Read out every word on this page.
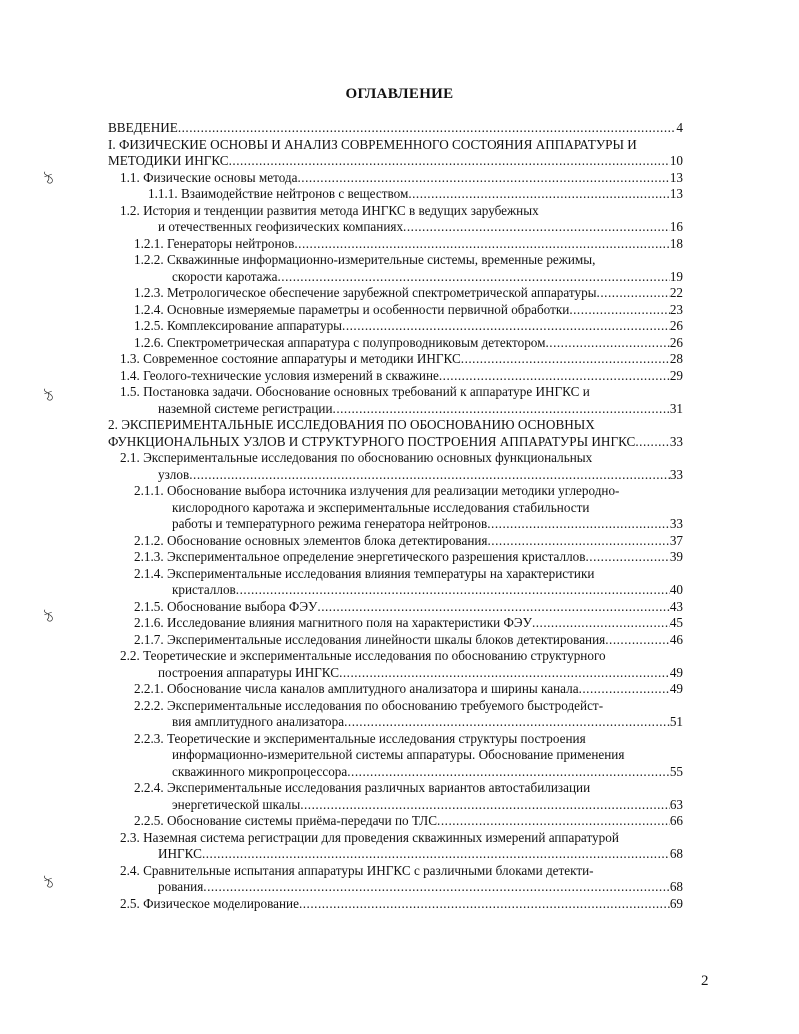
ОГЛАВЛЕНИЕ
ВВЕДЕНИЕ .....	4
I. ФИЗИЧЕСКИЕ ОСНОВЫ И АНАЛИЗ СОВРЕМЕННОГО СОСТОЯНИЯ АППАРАТУРЫ И
МЕТОДИКИ ИНГКС .....	10
1.1. Физические основы метода .....	13
1.1.1. Взаимодействие нейтронов с веществом .....	13
1.2. История и тенденции развития метода ИНГКС в ведущих зарубежных
и отечественных геофизических компаниях .....	16
1.2.1. Генераторы нейтронов .....	18
1.2.2. Скважинные информационно-измерительные системы, временные режимы,
скорости каротажа .....	19
1.2.3. Метрологическое обеспечение зарубежной спектрометрической аппаратуры .....	22
1.2.4. Основные измеряемые параметры и особенности первичной обработки .....	23
1.2.5. Комплексирование аппаратуры .....	26
1.2.6. Спектрометрическая аппаратура с полупроводниковым детектором .....	26
1.3. Современное состояние аппаратуры и методики ИНГКС .....	28
1.4. Геолого-технические условия измерений в скважине .....	29
1.5. Постановка задачи. Обоснование основных требований к аппаратуре ИНГКС и
наземной системе регистрации .....	31
2. ЭКСПЕРИМЕНТАЛЬНЫЕ ИССЛЕДОВАНИЯ ПО ОБОСНОВАНИЮ ОСНОВНЫХ
ФУНКЦИОНАЛЬНЫХ УЗЛОВ И СТРУКТУРНОГО ПОСТРОЕНИЯ АППАРАТУРЫ ИНГКС .....	33
2.1. Экспериментальные исследования по обоснованию основных функциональных
узлов .....	33
2.1.1. Обоснование выбора источника излучения для реализации методики углеродно-
кислородного каротажа и экспериментальные исследования стабильности
работы и температурного режима генератора нейтронов .....	33
2.1.2. Обоснование основных элементов блока детектирования .....	37
2.1.3. Экспериментальное определение энергетического разрешения кристаллов .....	39
2.1.4. Экспериментальные исследования влияния температуры на характеристики
кристаллов .....	40
2.1.5. Обоснование выбора ФЭУ .....	43
2.1.6. Исследование влияния магнитного поля на характеристики ФЭУ .....	45
2.1.7. Экспериментальные исследования линейности шкалы блоков детектирования .....	46
2.2. Теоретические и экспериментальные исследования по обоснованию структурного
построения аппаратуры ИНГКС .....	49
2.2.1. Обоснование числа каналов амплитудного анализатора и ширины канала .....	49
2.2.2. Экспериментальные исследования по обоснованию требуемого быстродейст-
вия амплитудного анализатора .....	51
2.2.3. Теоретические и экспериментальные исследования структуры построения
информационно-измерительной системы аппаратуры. Обоснование применения
скважинного микропроцессора .....	55
2.2.4. Экспериментальные исследования различных вариантов автостабилизации
энергетической шкалы .....	63
2.2.5. Обоснование системы приёма-передачи по ТЛС .....	66
2.3. Наземная система регистрации для проведения скважинных измерений аппаратурой
ИНГКС .....	68
2.4. Сравнительные испытания аппаратуры ИНГКС с различными блоками детекти-
рования .....	68
2.5. Физическое моделирование .....	69
ঠ
ঠ
ঠ
ঠ
2
